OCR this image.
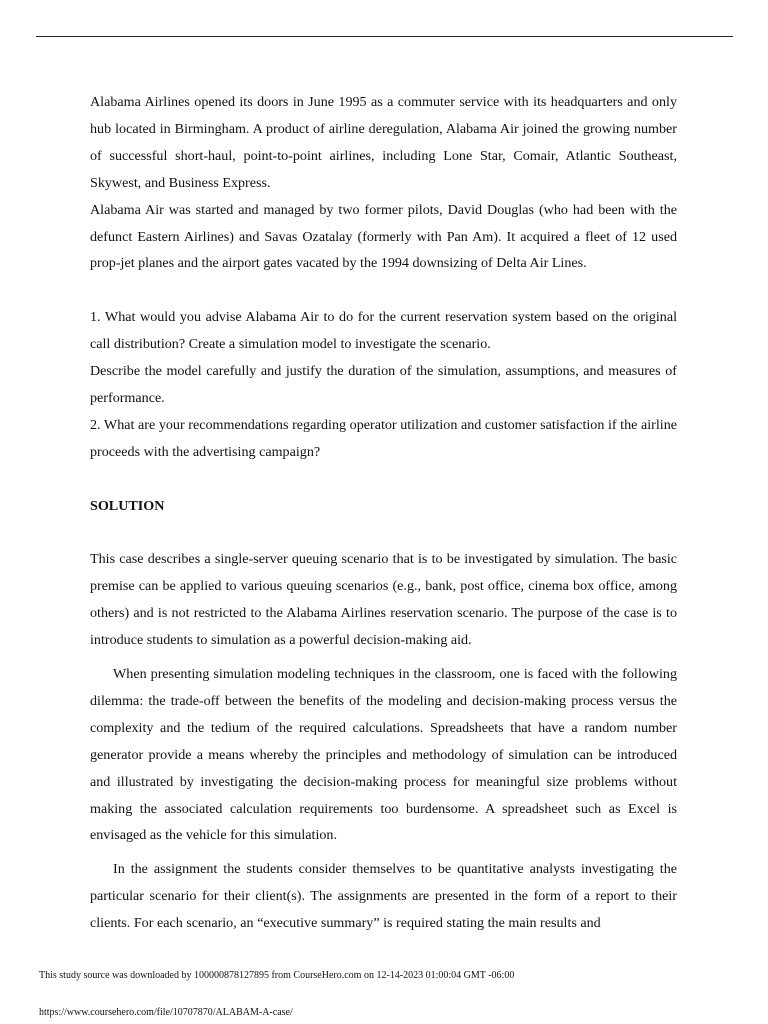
Alabama Airlines opened its doors in June 1995 as a commuter service with its headquarters and only hub located in Birmingham. A product of airline deregulation, Alabama Air joined the growing number of successful short-haul, point-to-point airlines, including Lone Star, Comair, Atlantic Southeast, Skywest, and Business Express.

Alabama Air was started and managed by two former pilots, David Douglas (who had been with the defunct Eastern Airlines) and Savas Ozatalay (formerly with Pan Am). It acquired a fleet of 12 used prop-jet planes and the airport gates vacated by the 1994 downsizing of Delta Air Lines.

1. What would you advise Alabama Air to do for the current reservation system based on the original call distribution? Create a simulation model to investigate the scenario.

Describe the model carefully and justify the duration of the simulation, assumptions, and measures of performance.

2. What are your recommendations regarding operator utilization and customer satisfaction if the airline proceeds with the advertising campaign?

SOLUTION

This case describes a single-server queuing scenario that is to be investigated by simulation. The basic premise can be applied to various queuing scenarios (e.g., bank, post office, cinema box office, among others) and is not restricted to the Alabama Airlines reservation scenario. The purpose of the case is to introduce students to simulation as a powerful decision-making aid.

When presenting simulation modeling techniques in the classroom, one is faced with the following dilemma: the trade-off between the benefits of the modeling and decision-making process versus the complexity and the tedium of the required calculations. Spreadsheets that have a random number generator provide a means whereby the principles and methodology of simulation can be introduced and illustrated by investigating the decision-making process for meaningful size problems without making the associated calculation requirements too burdensome. A spreadsheet such as Excel is envisaged as the vehicle for this simulation.

In the assignment the students consider themselves to be quantitative analysts investigating the particular scenario for their client(s). The assignments are presented in the form of a report to their clients. For each scenario, an “executive summary” is required stating the main results and

This study source was downloaded by 100000878127895 from CourseHero.com on 12-14-2023 01:00:04 GMT -06:00
https://www.coursehero.com/file/10707870/ALABAM-A-case/
